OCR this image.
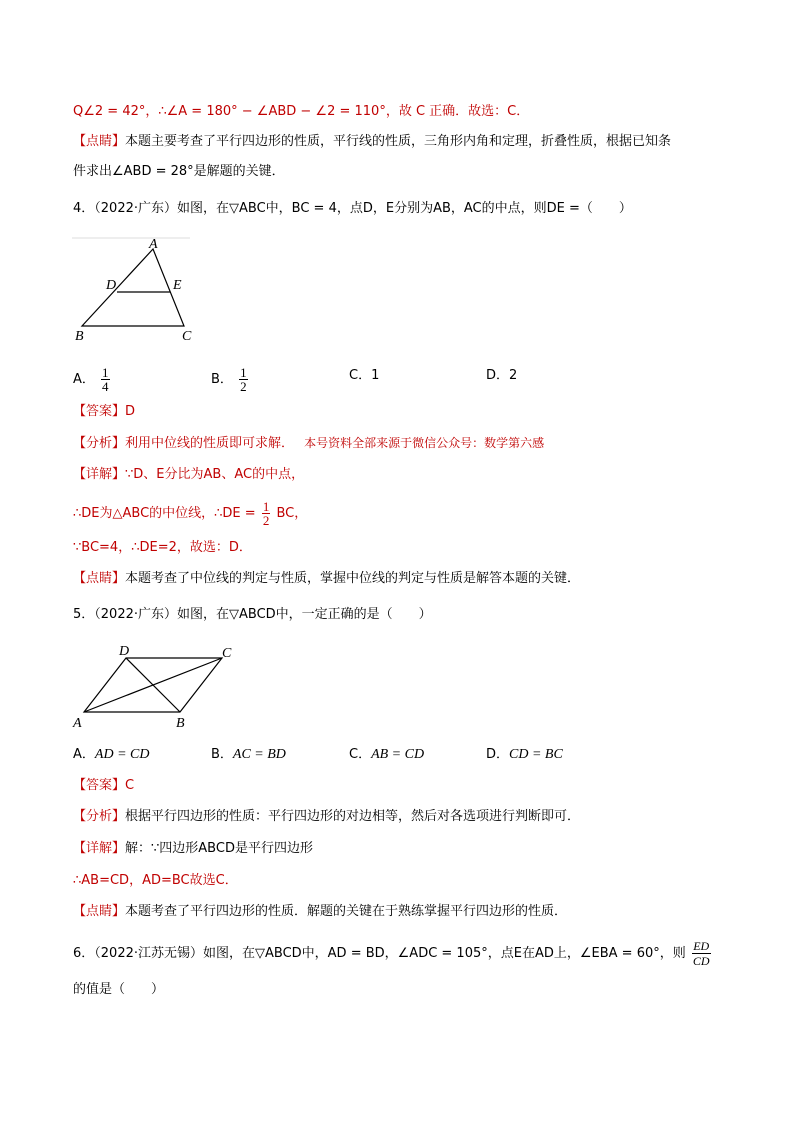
Q∠2 = 42°，∴∠A = 180° − ∠ABD − ∠2 = 110°，故 C 正确．故选：C．
【点睛】本题主要考查了平行四边形的性质，平行线的性质，三角形内角和定理，折叠性质，根据已知条
件求出∠ABD = 28°是解题的关键．
4．（2022·广东）如图，在▽ABC中，BC = 4，点D，E分别为AB，AC的中点，则DE =（　　）
A
D	E
B	C
A． $\frac{1}{4}$	B． $\frac{1}{2}$	C．1	D．2
【答案】D
【分析】利用中位线的性质即可求解． 本号资料全部来源于微信公众号：数学第六感
【详解】∵D、E分比为AB、AC的中点，
∴DE为△ABC的中位线，∴DE = $\frac{1}{2}$ BC，
∵BC=4，∴DE=2，故选：D．
【点睛】本题考查了中位线的判定与性质，掌握中位线的判定与性质是解答本题的关键．
5．（2022·广东）如图，在▽ABCD中，一定正确的是（　　）
D	C
A	B
A．AD = CD	B．AC = BD	C．AB = CD	D．CD = BC
【答案】C
【分析】根据平行四边形的性质：平行四边形的对边相等，然后对各选项进行判断即可．
【详解】解：∵四边形ABCD是平行四边形
∴AB=CD，AD=BC故选C．
【点睛】本题考查了平行四边形的性质．解题的关键在于熟练掌握平行四边形的性质．
6．（2022·江苏无锡）如图，在▽ABCD中，AD = BD，∠ADC = 105°，点E在AD上，∠EBA = 60°，则 $\frac{ED}{CD}$
的值是（　　）
